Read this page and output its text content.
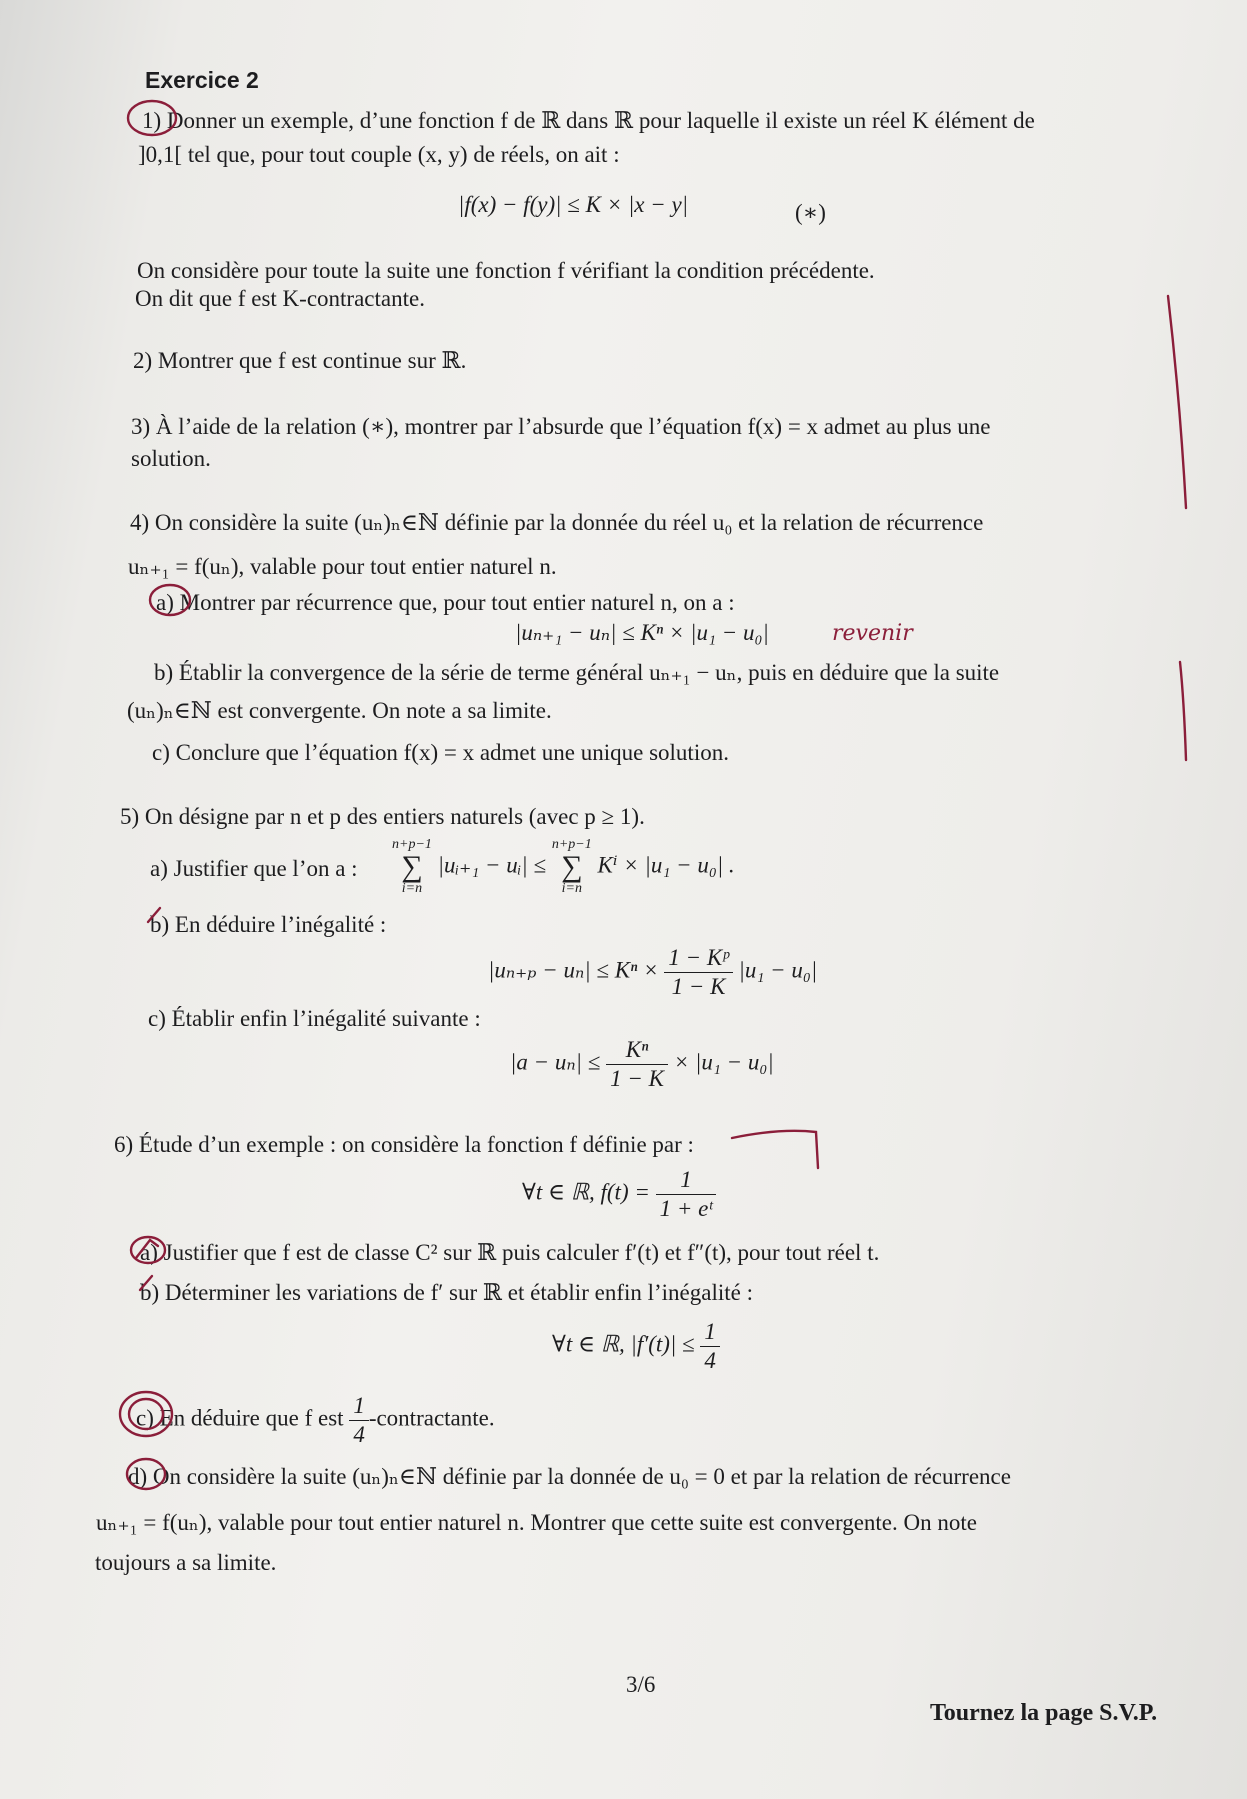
Exercice 2
1) Donner un exemple, d’une fonction f de ℝ dans ℝ pour laquelle il existe un réel K élément de
]0,1[ tel que, pour tout couple (x, y) de réels, on ait :
|f(x) − f(y)| ≤ K × |x − y|	(∗)
On considère pour toute la suite une fonction f vérifiant la condition précédente.
On dit que f est K-contractante.
2) Montrer que f est continue sur ℝ.
3) À l’aide de la relation (∗), montrer par l’absurde que l’équation f(x) = x admet au plus une
solution.
4) On considère la suite (uₙ)ₙ∈ℕ définie par la donnée du réel u₀ et la relation de récurrence
uₙ₊₁ = f(uₙ), valable pour tout entier naturel n.
a) Montrer par récurrence que, pour tout entier naturel n, on a :
|uₙ₊₁ − uₙ| ≤ Kⁿ × |u₁ − u₀|
b) Établir la convergence de la série de terme général uₙ₊₁ − uₙ, puis en déduire que la suite
(uₙ)ₙ∈ℕ est convergente. On note a sa limite.
c) Conclure que l’équation f(x) = x admet une unique solution.
5) On désigne par n et p des entiers naturels (avec p ≥ 1).
a) Justifier que l’on a :
n+p−1
∑
i=n |uᵢ₊₁ − uᵢ| ≤ n+p−1
∑
i=n Kⁱ × |u₁ − u₀| .
b) En déduire l’inégalité :
$|u_{n+p} - u_n| \le K^n \times \frac{\text{1 − Kᵖ}}{1 - K} |u_1 - u_0|$
c) Établir enfin l’inégalité suivante :
$|a - u_n| \le \frac{\text{Kⁿ}}{1 - K} \times |u_1 - u_0|$
6) Étude d’un exemple : on considère la fonction f définie par :
∀t ∈ ℝ, $f(t) = \frac{1}{\text{1 + eᵗ}}$
a) Justifier que f est de classe C² sur ℝ puis calculer f′(t) et f″(t), pour tout réel t.
b) Déterminer les variations de f′ sur ℝ et établir enfin l’inégalité :
∀t ∈ ℝ, $|f'(t)| \le \frac{1}{4}$
c) En déduire que f est $\frac{1}{4}$ -contractante.
d) On considère la suite (uₙ)ₙ∈ℕ définie par la donnée de u₀ = 0 et par la relation de récurrence
uₙ₊₁ = f(uₙ), valable pour tout entier naturel n. Montrer que cette suite est convergente. On note
toujours a sa limite.
3/6
Tournez la page S.V.P.
revenir
